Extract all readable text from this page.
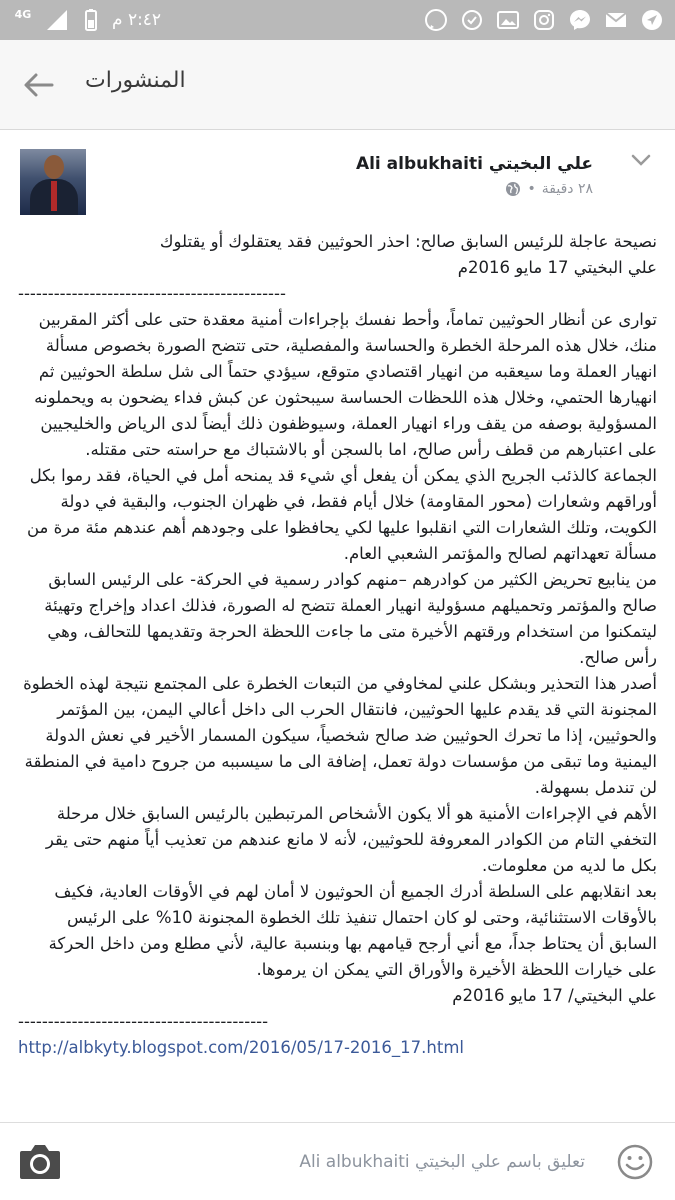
٢:٤٢ م
4G
المنشورات
علي البخيتي Ali albukhaiti
٢٨ دقيقة
•

نصيحة عاجلة للرئيس السابق صالح: احذر الحوثيين فقد يعتقلوك أو يقتلوك

علي البخيتي 17 مايو 2016م

---------------------------------------------

توارى عن أنظار الحوثيين تماماً، وأحط نفسك بإجراءات أمنية معقدة حتى على أكثر المقربين منك، خلال هذه المرحلة الخطرة والحساسة والمفصلية، حتى تتضح الصورة بخصوص مسألة انهيار العملة وما سيعقبه من انهيار اقتصادي متوقع، سيؤدي حتماً الى شل سلطة الحوثيين ثم انهيارها الحتمي، وخلال هذه اللحظات الحساسة سيبحثون عن كبش فداء يضحون به ويحملونه المسؤولية بوصفه من يقف وراء انهيار العملة، وسيوظفون ذلك أيضاً لدى الرياض والخليجيين على اعتبارهم من قطف رأس صالح، اما بالسجن أو بالاشتباك مع حراسته حتى مقتله.

الجماعة كالذئب الجريح الذي يمكن أن يفعل أي شيء قد يمنحه أمل في الحياة، فقد رموا بكل أوراقهم وشعارات (محور المقاومة) خلال أيام فقط، في ظهران الجنوب، والبقية في دولة الكويت، وتلك الشعارات التي انقلبوا عليها لكي يحافظوا على وجودهم أهم عندهم مئة مرة من مسألة تعهداتهم لصالح والمؤتمر الشعبي العام.

من ينابيع تحريض الكثير من كوادرهم –منهم كوادر رسمية في الحركة- على الرئيس السابق صالح والمؤتمر وتحميلهم مسؤولية انهيار العملة تتضح له الصورة، فذلك اعداد وإخراج وتهيئة ليتمكنوا من استخدام ورقتهم الأخيرة متى ما جاءت اللحظة الحرجة وتقديمها للتحالف، وهي رأس صالح.

أصدر هذا التحذير وبشكل علني لمخاوفي من التبعات الخطرة على المجتمع نتيجة لهذه الخطوة المجنونة التي قد يقدم عليها الحوثيين، فانتقال الحرب الى داخل أعالي اليمن، بين المؤتمر والحوثيين، إذا ما تحرك الحوثيين ضد صالح شخصياً، سيكون المسمار الأخير في نعش الدولة اليمنية وما تبقى من مؤسسات دولة تعمل، إضافة الى ما سيسببه من جروح دامية في المنطقة لن تندمل بسهولة.

الأهم في الإجراءات الأمنية هو ألا يكون الأشخاص المرتبطين بالرئيس السابق خلال مرحلة التخفي التام من الكوادر المعروفة للحوثيين، لأنه لا مانع عندهم من تعذيب أياً منهم حتى يقر بكل ما لديه من معلومات.

بعد انقلابهم على السلطة أدرك الجميع أن الحوثيون لا أمان لهم في الأوقات العادية، فكيف بالأوقات الاستثنائية، وحتى لو كان احتمال تنفيذ تلك الخطوة المجنونة 10% على الرئيس السابق أن يحتاط جداً، مع أني أرجح قيامهم بها وبنسبة عالية، لأني مطلع ومن داخل الحركة على خيارات اللحظة الأخيرة والأوراق التي يمكن ان يرموها.

علي البخيتي/ 17 مايو 2016م

------------------------------------------

http://albkyty.blogspot.com/2016/05/17-2016_17.html

تعليق باسم علي البخيتي Ali albukhaiti
